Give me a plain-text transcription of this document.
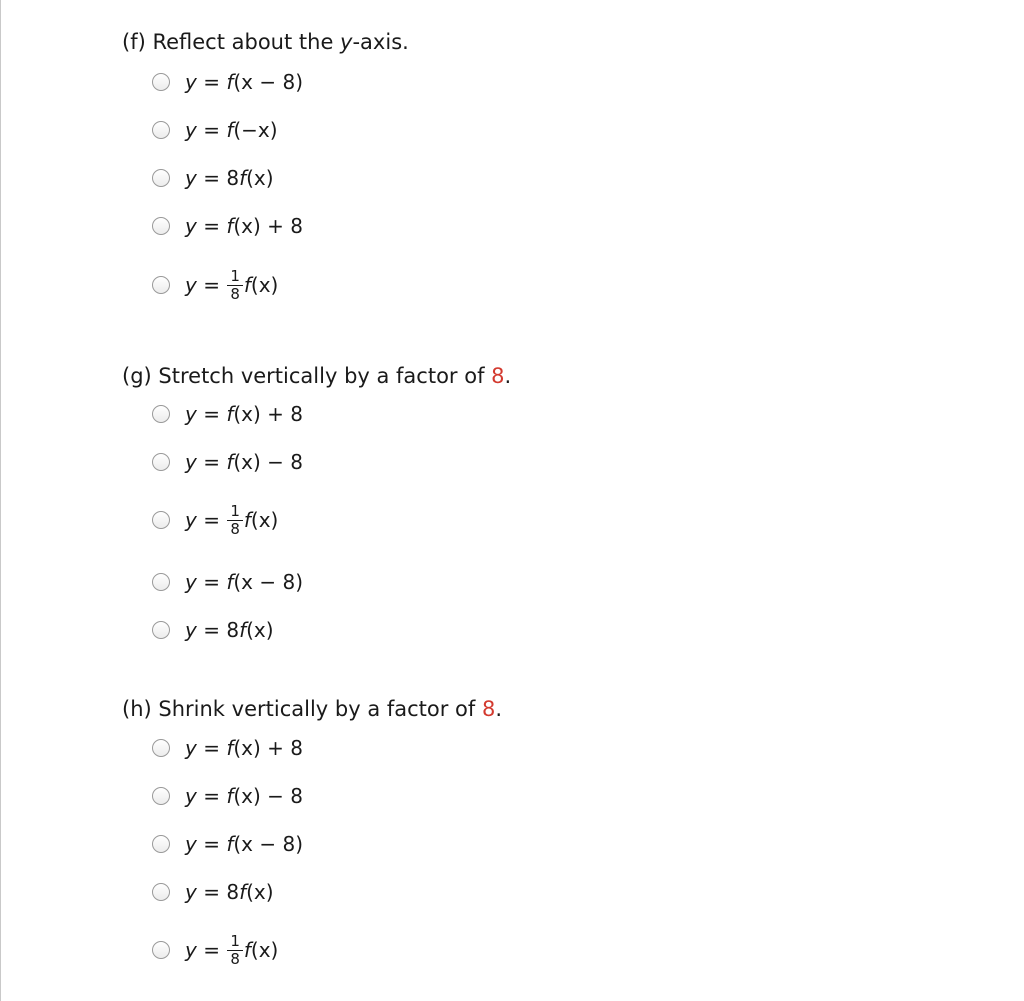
(f) Reflect about the y-axis.
y = f (x − 8)
y = f (−x)
y = 8 f (x)
y = f (x) + 8
$y = \frac{1}{8}$ f (x)
(g) Stretch vertically by a factor of 8.
y = f (x) + 8
y = f (x) − 8
$y = \frac{1}{8}$ f (x)
y = f (x − 8)
y = 8 f (x)
(h) Shrink vertically by a factor of 8.
y = f (x) + 8
y = f (x) − 8
y = f (x − 8)
y = 8 f (x)
$y = \frac{1}{8}$ f (x)
